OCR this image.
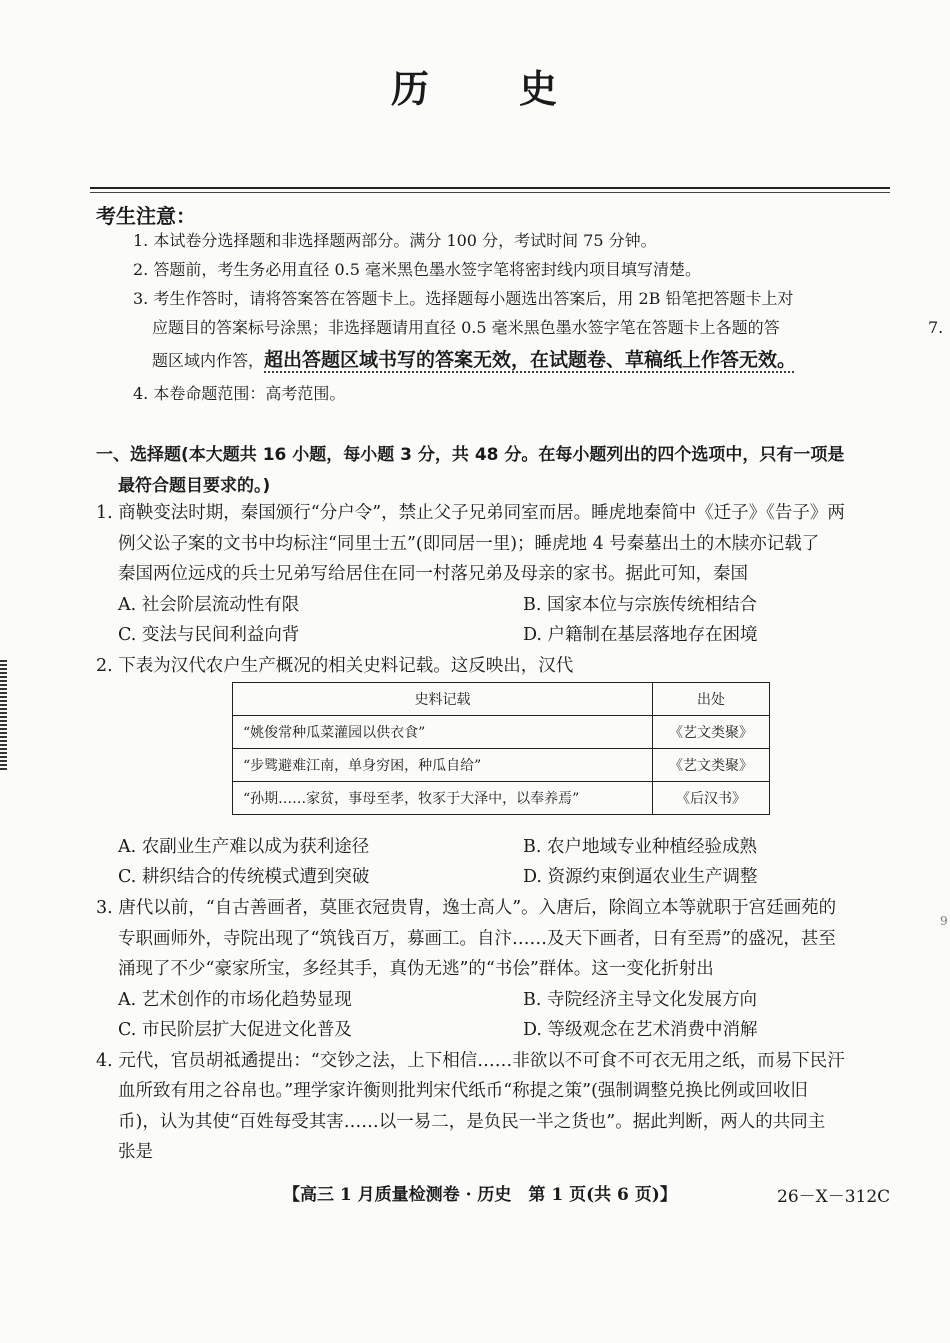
历 史
考生注意：
1. 本试卷分选择题和非选择题两部分。满分 100 分，考试时间 75 分钟。
2. 答题前，考生务必用直径 0.5 毫米黑色墨水签字笔将密封线内项目填写清楚。
3. 考生作答时，请将答案答在答题卡上。选择题每小题选出答案后，用 2B 铅笔把答题卡上对
应题目的答案标号涂黑；非选择题请用直径 0.5 毫米黑色墨水签字笔在答题卡上各题的答
题区域内作答，超出答题区域书写的答案无效，在试题卷、草稿纸上作答无效。
4. 本卷命题范围：高考范围。
一、选择题(本大题共 16 小题，每小题 3 分，共 48 分。在每小题列出的四个选项中，只有一项是
最符合题目要求的。)
1. 商鞅变法时期，秦国颁行“分户令”，禁止父子兄弟同室而居。睡虎地秦简中《迁子》《告子》两
例父讼子案的文书中均标注“同里士五”(即同居一里)；睡虎地 4 号秦墓出土的木牍亦记载了
秦国两位远戍的兵士兄弟写给居住在同一村落兄弟及母亲的家书。据此可知，秦国
A. 社会阶层流动性有限	B. 国家本位与宗族传统相结合
C. 变法与民间利益向背	D. 户籍制在基层落地存在困境
2. 下表为汉代农户生产概况的相关史料记载。这反映出，汉代
史料记载	出处
“姚俊常种瓜菜灌园以供衣食”	《艺文类聚》
“步骘避难江南，单身穷困，种瓜自给”	《艺文类聚》
“孙期……家贫，事母至孝，牧豕于大泽中，以奉养焉”	《后汉书》
A. 农副业生产难以成为获利途径	B. 农户地域专业种植经验成熟
C. 耕织结合的传统模式遭到突破	D. 资源约束倒逼农业生产调整
3. 唐代以前，“自古善画者，莫匪衣冠贵胄，逸士高人”。入唐后，除阎立本等就职于宫廷画苑的
专职画师外，寺院出现了“筑钱百万，募画工。自汴……及天下画者，日有至焉”的盛况，甚至
涌现了不少“豪家所宝，多经其手，真伪无逃”的“书侩”群体。这一变化折射出
A. 艺术创作的市场化趋势显现	B. 寺院经济主导文化发展方向
C. 市民阶层扩大促进文化普及	D. 等级观念在艺术消费中消解
4. 元代，官员胡祗遹提出：“交钞之法，上下相信……非欲以不可食不可衣无用之纸，而易下民汗
血所致有用之谷帛也。”理学家许衡则批判宋代纸币“称提之策”(强制调整兑换比例或回收旧
币)，认为其使“百姓每受其害……以一易二，是负民一半之货也”。据此判断，两人的共同主
张是
【高三 1 月质量检测卷 · 历史　第 1 页(共 6 页)】	26－X－312C
7.
9
